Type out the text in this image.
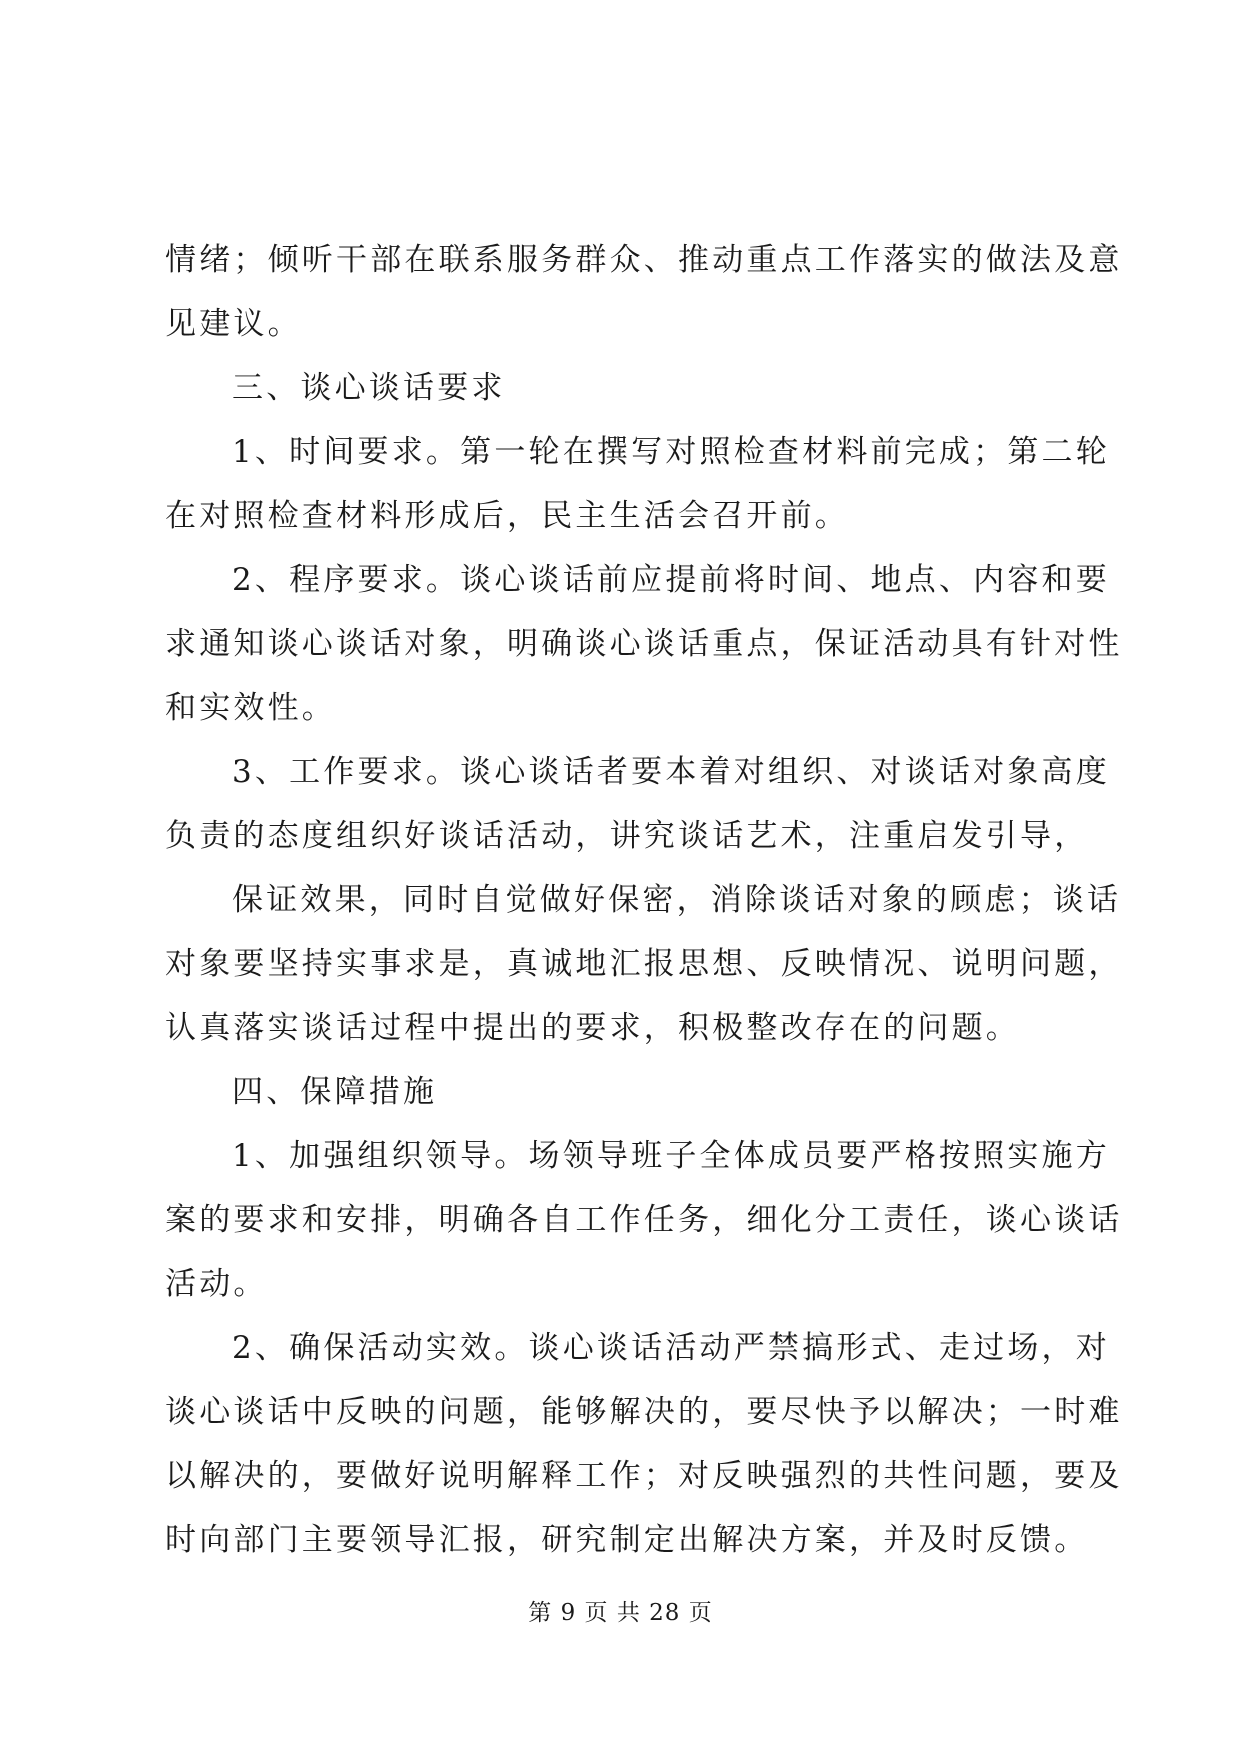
情绪；倾听干部在联系服务群众、推动重点工作落实的做法及意
见建议。
三、谈心谈话要求
1、时间要求。第一轮在撰写对照检查材料前完成；第二轮
在对照检查材料形成后，民主生活会召开前。
2、程序要求。谈心谈话前应提前将时间、地点、内容和要
求通知谈心谈话对象，明确谈心谈话重点，保证活动具有针对性
和实效性。
3、工作要求。谈心谈话者要本着对组织、对谈话对象高度
负责的态度组织好谈话活动，讲究谈话艺术，注重启发引导，
保证效果，同时自觉做好保密，消除谈话对象的顾虑；谈话
对象要坚持实事求是，真诚地汇报思想、反映情况、说明问题，
认真落实谈话过程中提出的要求，积极整改存在的问题。
四、保障措施
1、加强组织领导。场领导班子全体成员要严格按照实施方
案的要求和安排，明确各自工作任务，细化分工责任，谈心谈话
活动。
2、确保活动实效。谈心谈话活动严禁搞形式、走过场，对
谈心谈话中反映的问题，能够解决的，要尽快予以解决；一时难
以解决的，要做好说明解释工作；对反映强烈的共性问题，要及
时向部门主要领导汇报，研究制定出解决方案，并及时反馈。
第 9 页 共 28 页
